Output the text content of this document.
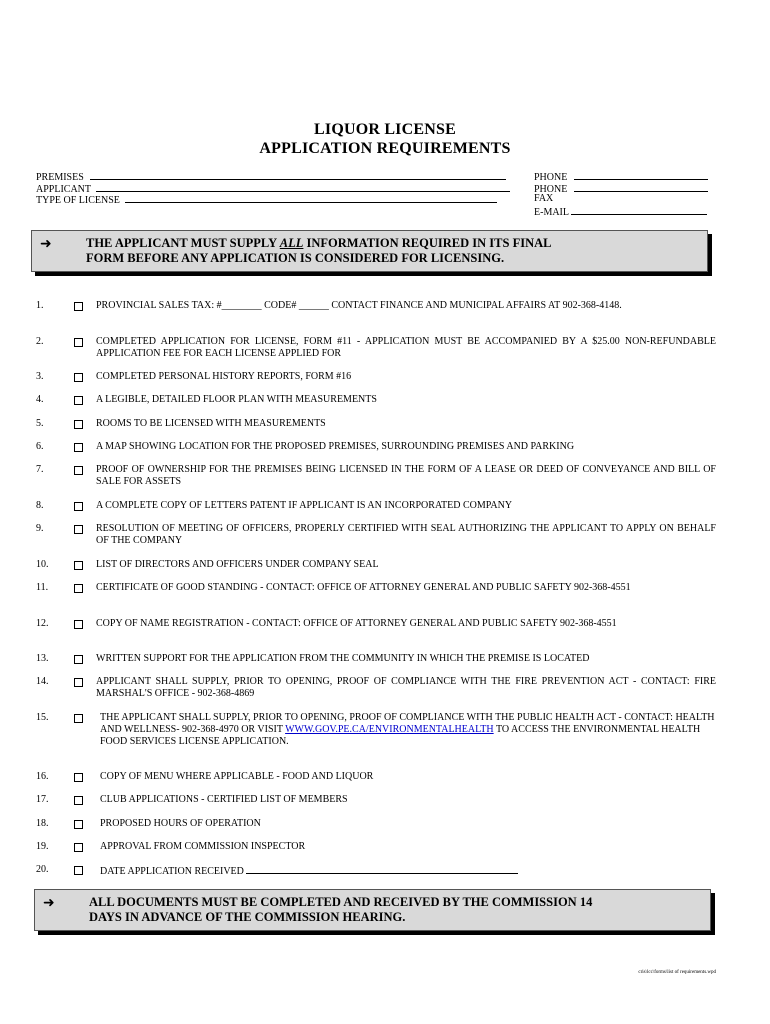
LIQUOR LICENSE
APPLICATION REQUIREMENTS
PREMISES
APPLICANT
TYPE OF LICENSE
PHONE
PHONE
FAX
E-MAIL
➜	THE APPLICANT MUST SUPPLY ALL INFORMATION REQUIRED IN ITS FINAL
FORM BEFORE ANY APPLICATION IS CONSIDERED FOR LICENSING.
1.	PROVINCIAL SALES TAX: #________ CODE# ______ CONTACT FINANCE AND MUNICIPAL AFFAIRS AT 902-368-4148.
2.	COMPLETED APPLICATION FOR LICENSE, FORM #11 - APPLICATION MUST BE ACCOMPANIED BY A $25.00 NON-REFUNDABLE APPLICATION FEE FOR EACH LICENSE APPLIED FOR
3.	COMPLETED PERSONAL HISTORY REPORTS, FORM #16
4.	A LEGIBLE, DETAILED FLOOR PLAN WITH MEASUREMENTS
5.	ROOMS TO BE LICENSED WITH MEASUREMENTS
6.	A MAP SHOWING LOCATION FOR THE PROPOSED PREMISES, SURROUNDING PREMISES AND PARKING
7.	PROOF OF OWNERSHIP FOR THE PREMISES BEING LICENSED IN THE FORM OF A LEASE OR DEED OF CONVEYANCE AND BILL OF SALE FOR ASSETS
8.	A COMPLETE COPY OF LETTERS PATENT IF APPLICANT IS AN INCORPORATED COMPANY
9.	RESOLUTION OF MEETING OF OFFICERS, PROPERLY CERTIFIED WITH SEAL AUTHORIZING THE APPLICANT TO APPLY ON BEHALF OF THE COMPANY
10.	LIST OF DIRECTORS AND OFFICERS UNDER COMPANY SEAL
11.	CERTIFICATE OF GOOD STANDING - CONTACT: OFFICE OF ATTORNEY GENERAL AND PUBLIC SAFETY 902-368-4551
12.	COPY OF NAME REGISTRATION - CONTACT: OFFICE OF ATTORNEY GENERAL AND PUBLIC SAFETY 902-368-4551
13.	WRITTEN SUPPORT FOR THE APPLICATION FROM THE COMMUNITY IN WHICH THE PREMISE IS LOCATED
14.	APPLICANT SHALL SUPPLY, PRIOR TO OPENING, PROOF OF COMPLIANCE WITH THE FIRE PREVENTION ACT - CONTACT: FIRE MARSHAL'S OFFICE - 902-368-4869
15.	THE APPLICANT SHALL SUPPLY, PRIOR TO OPENING, PROOF OF COMPLIANCE WITH THE PUBLIC HEALTH ACT - CONTACT: HEALTH AND WELLNESS- 902-368-4970 OR VISIT WWW.GOV.PE.CA/ENVIRONMENTALHEALTH TO ACCESS THE ENVIRONMENTAL HEALTH FOOD SERVICES LICENSE APPLICATION.
16.	COPY OF MENU WHERE APPLICABLE - FOOD AND LIQUOR
17.	CLUB APPLICATIONS - CERTIFIED LIST OF MEMBERS
18.	PROPOSED HOURS OF OPERATION
19.	APPROVAL FROM COMMISSION INSPECTOR
20.	DATE APPLICATION RECEIVED
➜	ALL DOCUMENTS MUST BE COMPLETED AND RECEIVED BY THE COMMISSION 14
DAYS IN ADVANCE OF THE COMMISSION HEARING.
cris\lcc\forms\list of requirements.wpd
